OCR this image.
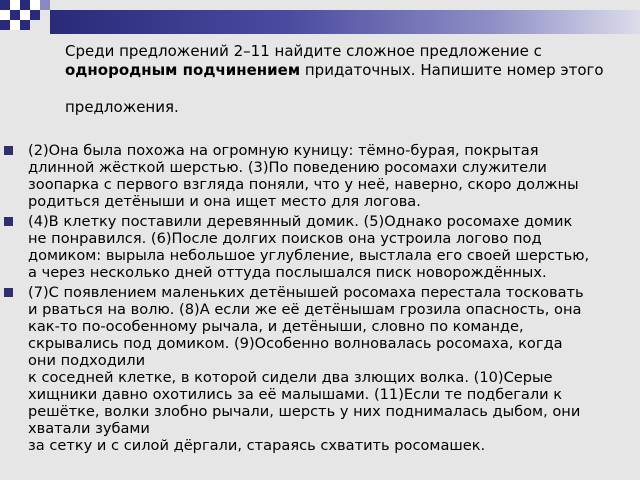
Среди предложений 2–11 найдите сложное предложение с
однородным подчинением придаточных. Напишите номер этого
предложения.

(2)Она была похожа на огромную куницу: тёмно-бурая, покрытая
длинной жёсткой шерстью. (3)По поведению росомахи служители
зоопарка с первого взгляда поняли, что у неё, наверно, скоро должны
родиться детёныши и она ищет место для логова.
(4)В клетку поставили деревянный домик. (5)Однако росомахе домик
не понравился. (6)После долгих поисков она устроила логово под
домиком: вырыла небольшое углубление, выстлала его своей шерстью,
а через несколько дней оттуда послышался писк новорождённых.
(7)С появлением маленьких детёнышей росомаха перестала тосковать
и рваться на волю. (8)А если же её детёнышам грозила опасность, она
как-то по-особенному рычала, и детёныши, словно по команде,
скрывались под домиком. (9)Особенно волновалась росомаха, когда
они подходили
к соседней клетке, в которой сидели два злющих волка. (10)Серые
хищники давно охотились за её малышами. (11)Если те подбегали к
решётке, волки злобно рычали, шерсть у них поднималась дыбом, они
хватали зубами
за сетку и с силой дёргали, стараясь схватить росомашек.
